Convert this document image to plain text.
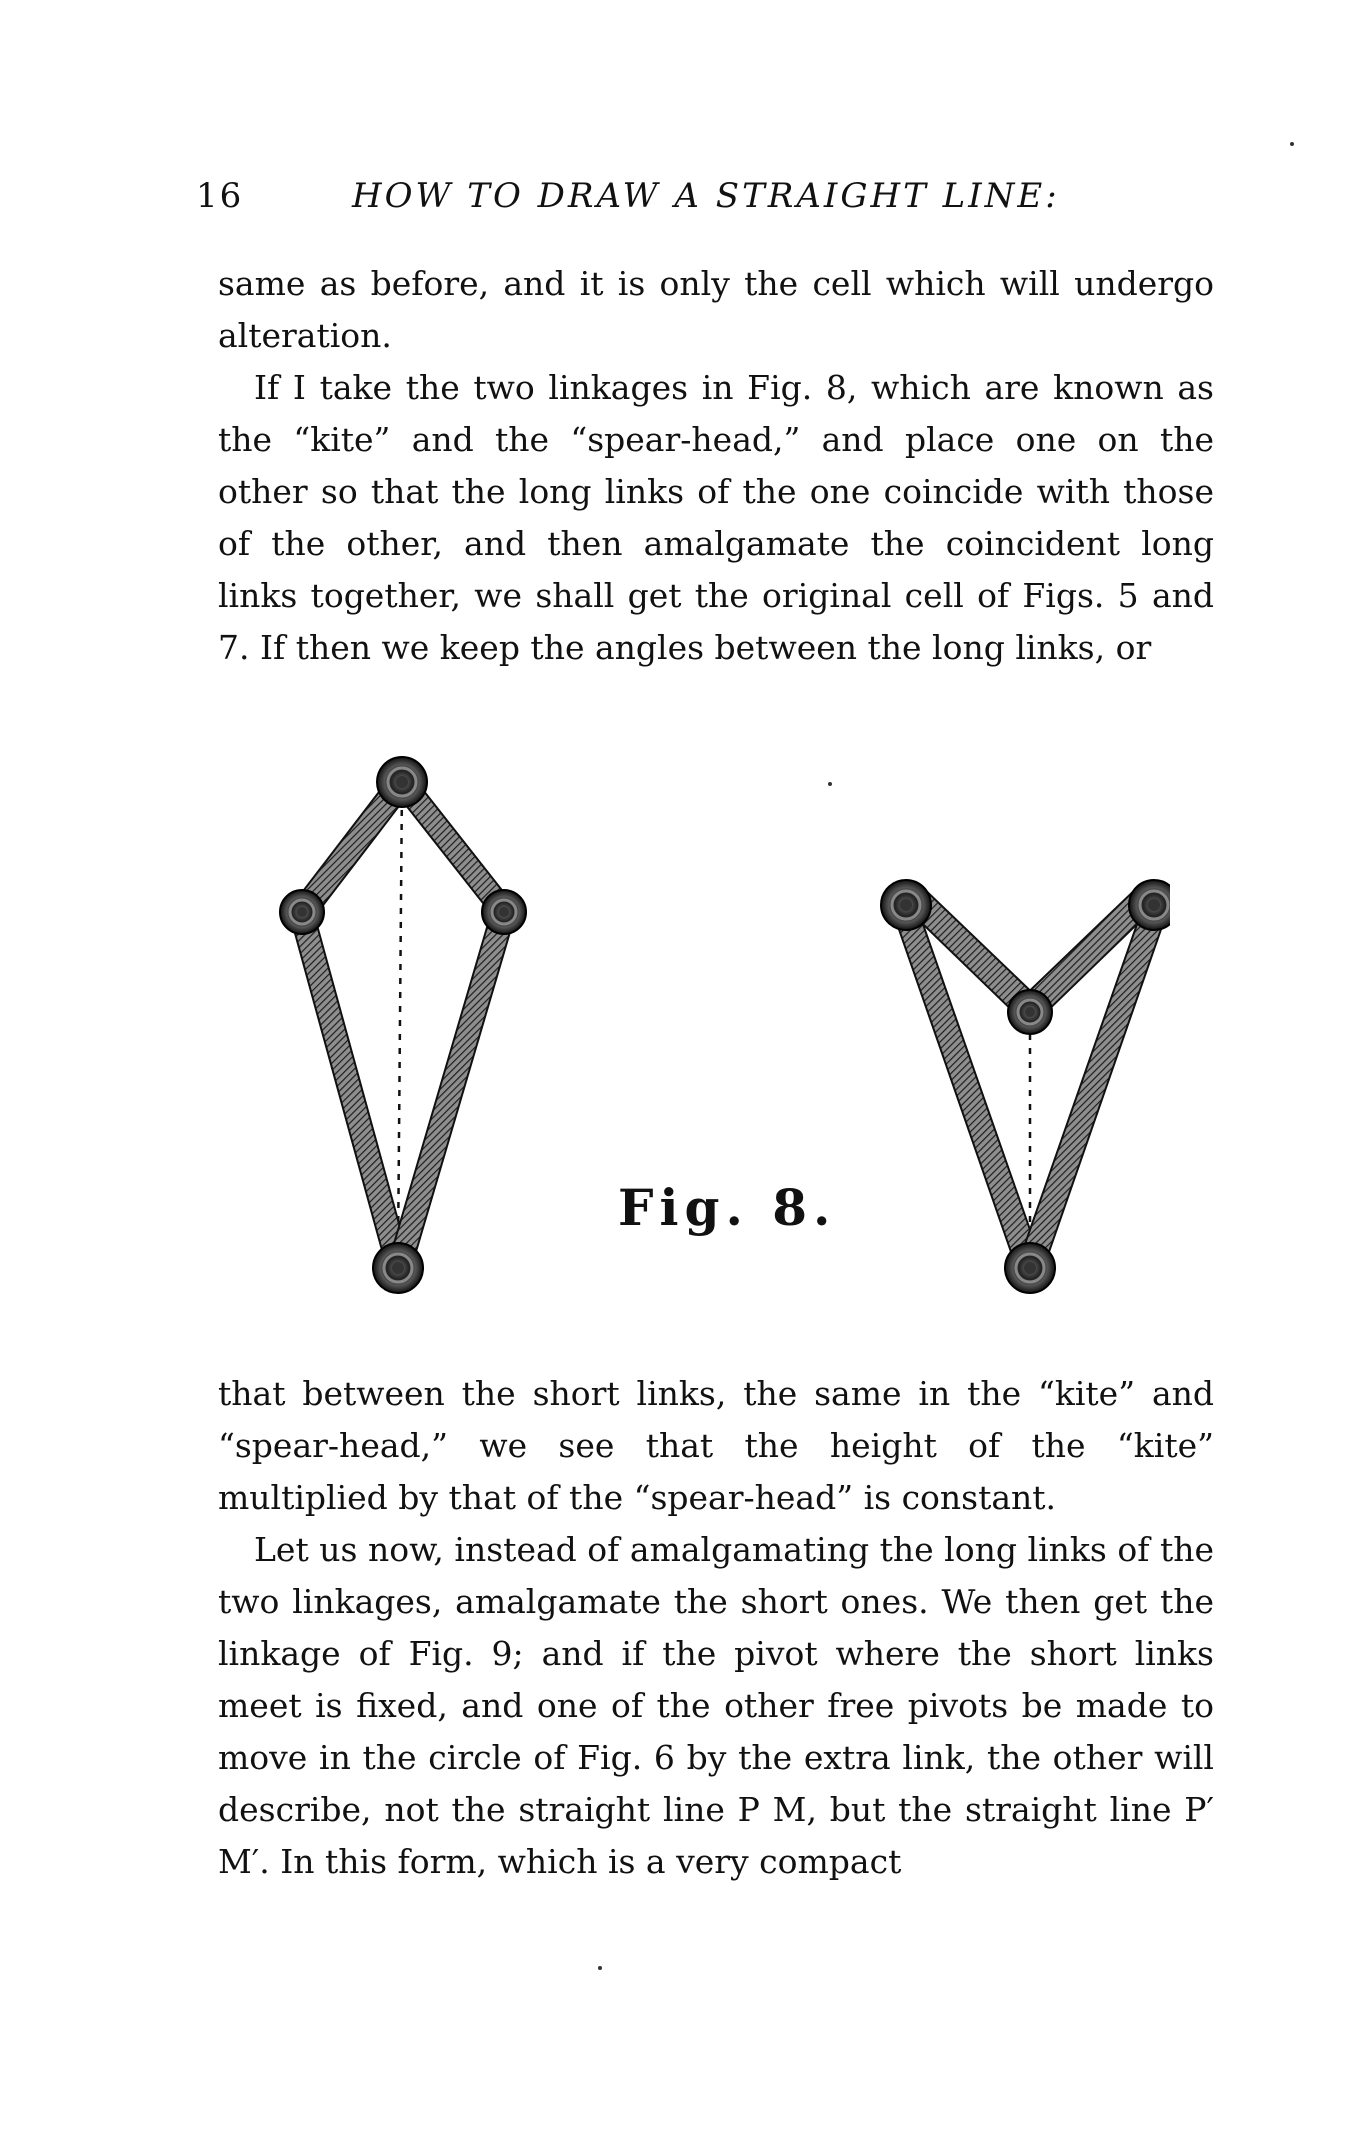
16	HOW TO DRAW A STRAIGHT LINE:

same as before, and it is only the cell which will undergo alteration.

If I take the two linkages in Fig. 8, which are known as the “kite” and the “spear-head,” and place one on the other so that the long links of the one coincide with those of the other, and then amalgamate the coincident long links together, we shall get the original cell of Figs. 5 and 7. If then we keep the angles between the long links, or

Fig. 8.

that between the short links, the same in the “kite” and “spear-head,” we see that the height of the “kite” multiplied by that of the “spear-head” is constant.

Let us now, instead of amalgamating the long links of the two linkages, amalgamate the short ones. We then get the linkage of Fig. 9; and if the pivot where the short links meet is fixed, and one of the other free pivots be made to move in the circle of Fig. 6 by the extra link, the other will describe, not the straight line P M, but the straight line P′ M′. In this form, which is a very compact
